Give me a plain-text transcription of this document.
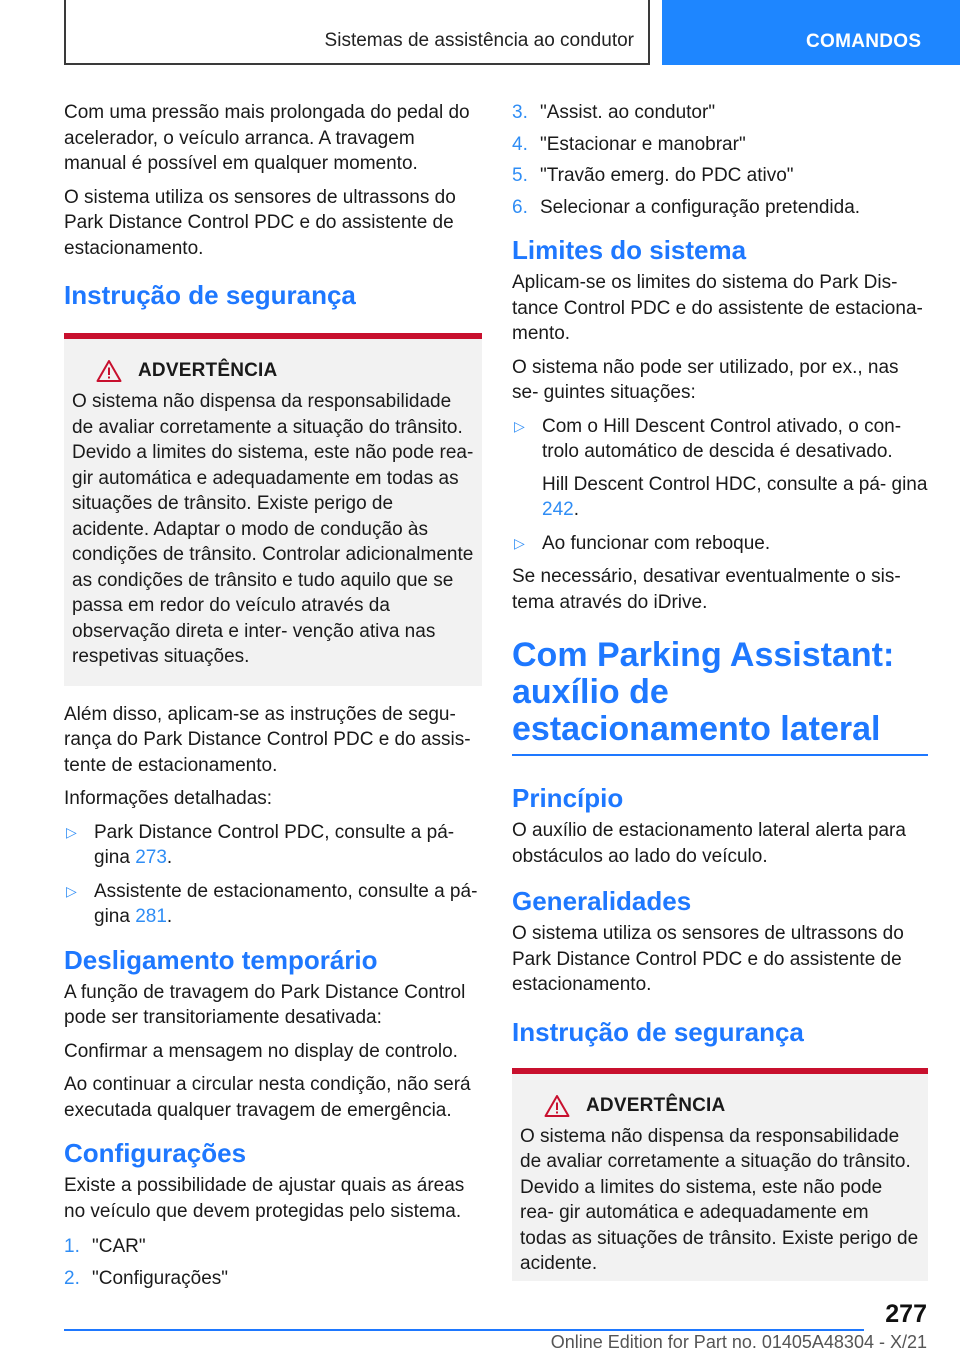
Sistemas de assistência ao condutor	COMANDOS

Com uma pressão mais prolongada do pedal do acelerador, o veículo arranca. A travagem manual é possível em qualquer momento.

O sistema utiliza os sensores de ultrassons do Park Distance Control PDC e do assistente de estacionamento.

Instrução de segurança
ADVERTÊNCIA

O sistema não dispensa da responsabilidade de avaliar corretamente a situação do trânsito. Devido a limites do sistema, este não pode rea- gir automática e adequadamente em todas as situações de trânsito. Existe perigo de acidente. Adaptar o modo de condução às condições de trânsito. Controlar adicionalmente as condições de trânsito e tudo aquilo que se passa em redor do veículo através da observação direta e inter- venção ativa nas respetivas situações.

Além disso, aplicam-se as instruções de segu- rança do Park Distance Control PDC e do assis- tente de estacionamento.

Informações detalhadas:

▷ Park Distance Control PDC, consulte a pá- gina 273.
▷ Assistente de estacionamento, consulte a pá- gina 281.
Desligamento temporário

A função de travagem do Park Distance Control pode ser transitoriamente desativada:

Confirmar a mensagem no display de controlo.

Ao continuar a circular nesta condição, não será executada qualquer travagem de emergência.

Configurações

Existe a possibilidade de ajustar quais as áreas no veículo que devem protegidas pelo sistema.

1. "CAR"
2. "Configurações"
3. "Assist. ao condutor"
4. "Estacionar e manobrar"
5. "Travão emerg. do PDC ativo"
6. Selecionar a configuração pretendida.
Limites do sistema

Aplicam-se os limites do sistema do Park Dis- tance Control PDC e do assistente de estaciona- mento.

O sistema não pode ser utilizado, por ex., nas se- guintes situações:

▷ Com o Hill Descent Control ativado, o con- trolo automático de descida é desativado.
Hill Descent Control HDC, consulte a pá- gina 242.
▷ Ao funcionar com reboque.

Se necessário, desativar eventualmente o sis- tema através do iDrive.

Com Parking Assistant: auxílio de estacionamento lateral
Princípio

O auxílio de estacionamento lateral alerta para obstáculos ao lado do veículo.

Generalidades

O sistema utiliza os sensores de ultrassons do Park Distance Control PDC e do assistente de estacionamento.

Instrução de segurança
ADVERTÊNCIA

O sistema não dispensa da responsabilidade de avaliar corretamente a situação do trânsito. Devido a limites do sistema, este não pode rea- gir automática e adequadamente em todas as situações de trânsito. Existe perigo de acidente.

277
Online Edition for Part no. 01405A48304 - X/21
